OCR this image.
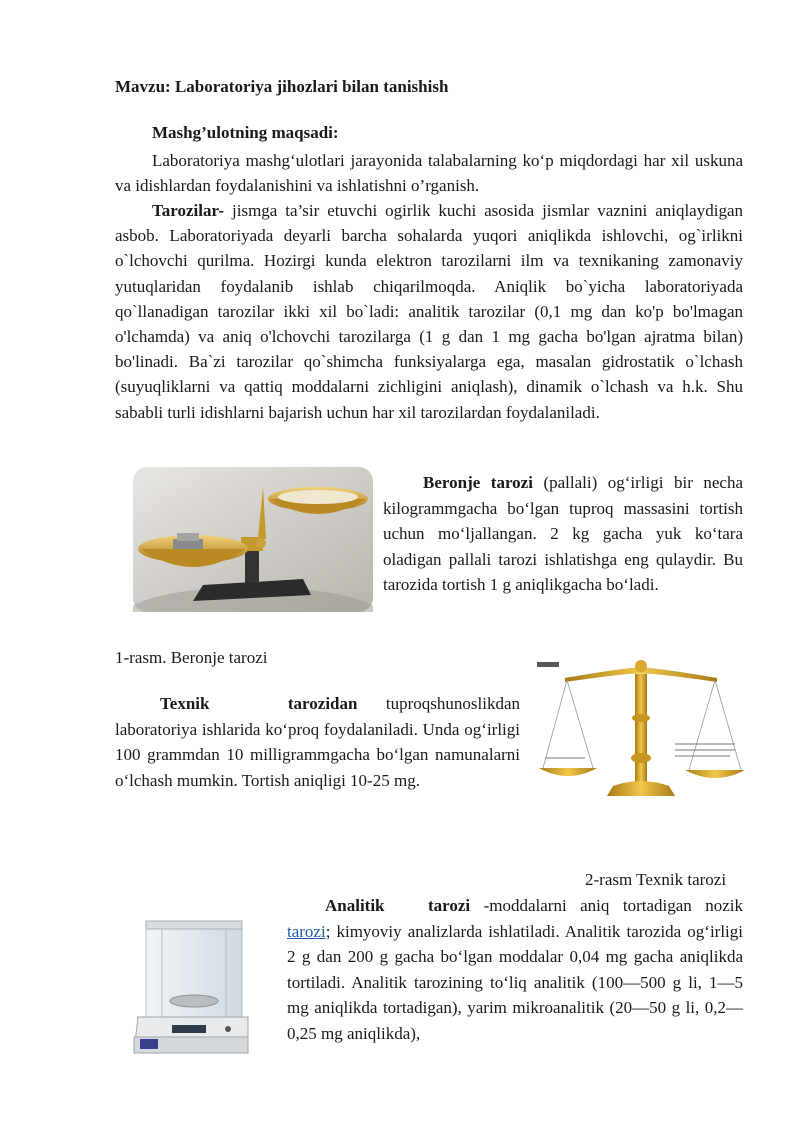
Mavzu: Laboratoriya jihozlari bilan tanishish
Mashg’ulotning maqsadi:

Laboratoriya mashg‘ulotlari jarayonida talabalarning ko‘p miqdordagi har xil uskuna va idishlardan foydalanishini va ishlatishni o’rganish.

Tarozilar- jismga ta’sir etuvchi ogirlik kuchi asosida jismlar vaznini aniqlaydigan asbob. Laboratoriyada deyarli barcha sohalarda yuqori aniqlikda ishlovchi, og`irlikni o`lchovchi qurilma. Hozirgi kunda elektron tarozilarni ilm va texnikaning zamonaviy yutuqlaridan foydalanib ishlab chiqarilmoqda. Aniqlik bo`yicha laboratoriyada qo`llanadigan tarozilar ikki xil bo`ladi: analitik tarozilar (0,1 mg dan ko'p bo'lmagan o'lchamda) va aniq o'lchovchi tarozilarga (1 g dan 1 mg gacha bo'lgan ajratma bilan) bo'linadi. Ba`zi tarozilar qo`shimcha funksiyalarga ega, masalan gidrostatik o`lchash (suyuqliklarni va qattiq moddalarni zichligini aniqlash), dinamik o`lchash va h.k. Shu sababli turli idishlarni bajarish uchun har xil tarozilardan foydalaniladi.

Beronje tarozi (pallali) og‘irligi bir necha kilogrammgacha bo‘lgan tuproq massasini tortish uchun mo‘ljallangan. 2 kg gacha yuk ko‘tara oladigan pallali tarozi ishlatishga eng qulaydir. Bu tarozida tortish 1 g aniqlikgacha bo‘ladi.

1-rasm. Beronje tarozi

Texnik tarozidan tuproqshunoslikdan laboratoriya ishlarida ko‘proq foydalaniladi. Unda og‘irligi 100 grammdan 10 milligrammgacha bo‘lgan namunalarni o‘lchash mumkin. Tortish aniqligi 10-25 mg.

2-rasm Texnik tarozi

Analitik tarozi -moddalarni aniq tortadigan nozik tarozi; kimyoviy analizlarda ishlatiladi. Analitik tarozida og‘irligi 2 g dan 200 g gacha bo‘lgan moddalar 0,04 mg gacha aniqlikda tortiladi. Analitik tarozining to‘liq analitik (100—500 g li, 1—5 mg aniqlikda tortadigan), yarim mikroanalitik (20—50 g li, 0,2—0,25 mg aniqlikda),
